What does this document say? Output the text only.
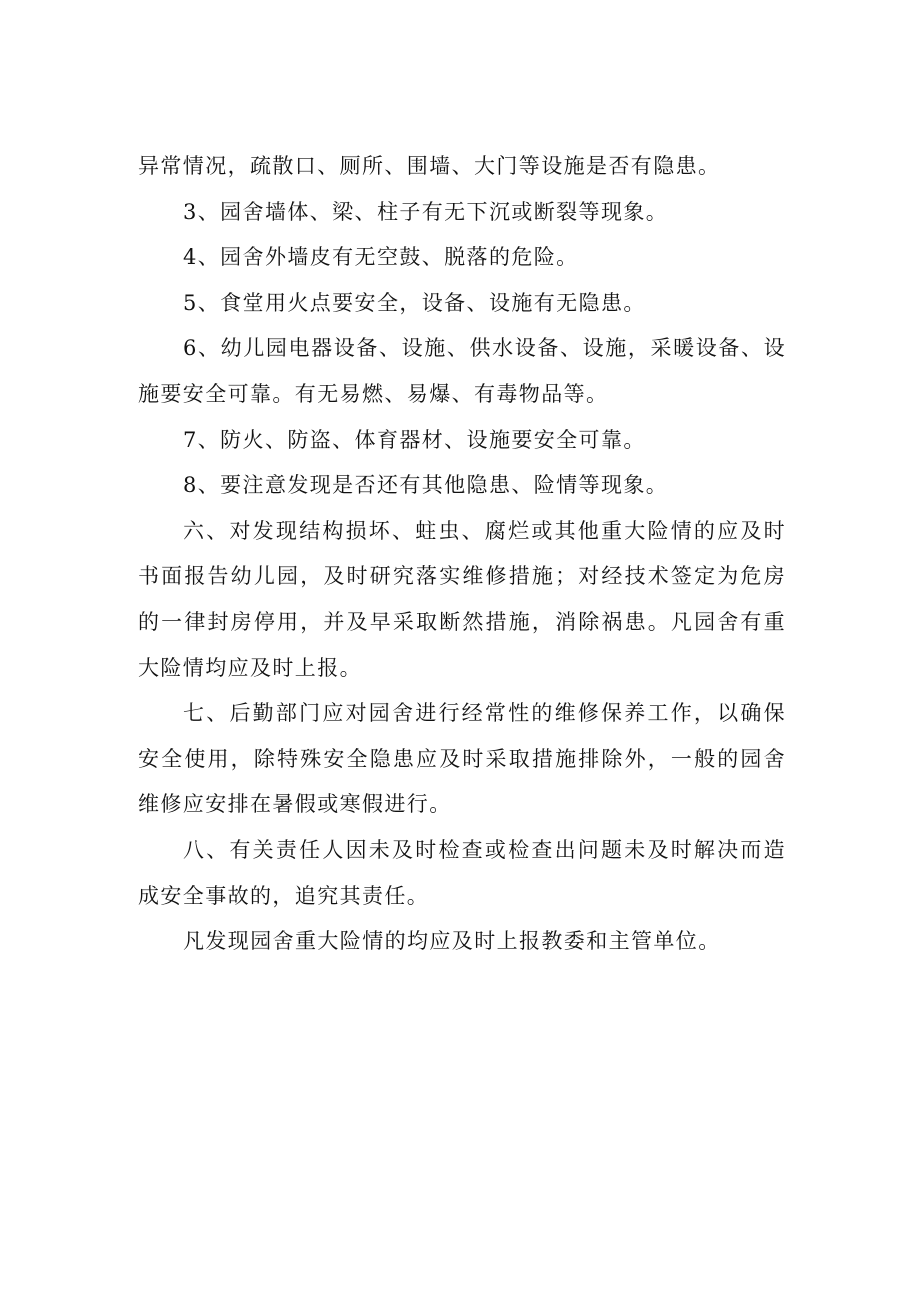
异常情况，疏散口、厕所、围墙、大门等设施是否有隐患。

3、园舍墙体、梁、柱子有无下沉或断裂等现象。

4、园舍外墙皮有无空鼓、脱落的危险。

5、食堂用火点要安全，设备、设施有无隐患。

6、幼儿园电器设备、设施、供水设备、设施，采暖设备、设施要安全可靠。有无易燃、易爆、有毒物品等。

7、防火、防盗、体育器材、设施要安全可靠。

8、要注意发现是否还有其他隐患、险情等现象。

六、对发现结构损坏、蛀虫、腐烂或其他重大险情的应及时书面报告幼儿园，及时研究落实维修措施；对经技术签定为危房的一律封房停用，并及早采取断然措施，消除祸患。凡园舍有重大险情均应及时上报。

七、后勤部门应对园舍进行经常性的维修保养工作，以确保安全使用，除特殊安全隐患应及时采取措施排除外，一般的园舍维修应安排在暑假或寒假进行。

八、有关责任人因未及时检查或检查出问题未及时解决而造成安全事故的，追究其责任。

凡发现园舍重大险情的均应及时上报教委和主管单位。
